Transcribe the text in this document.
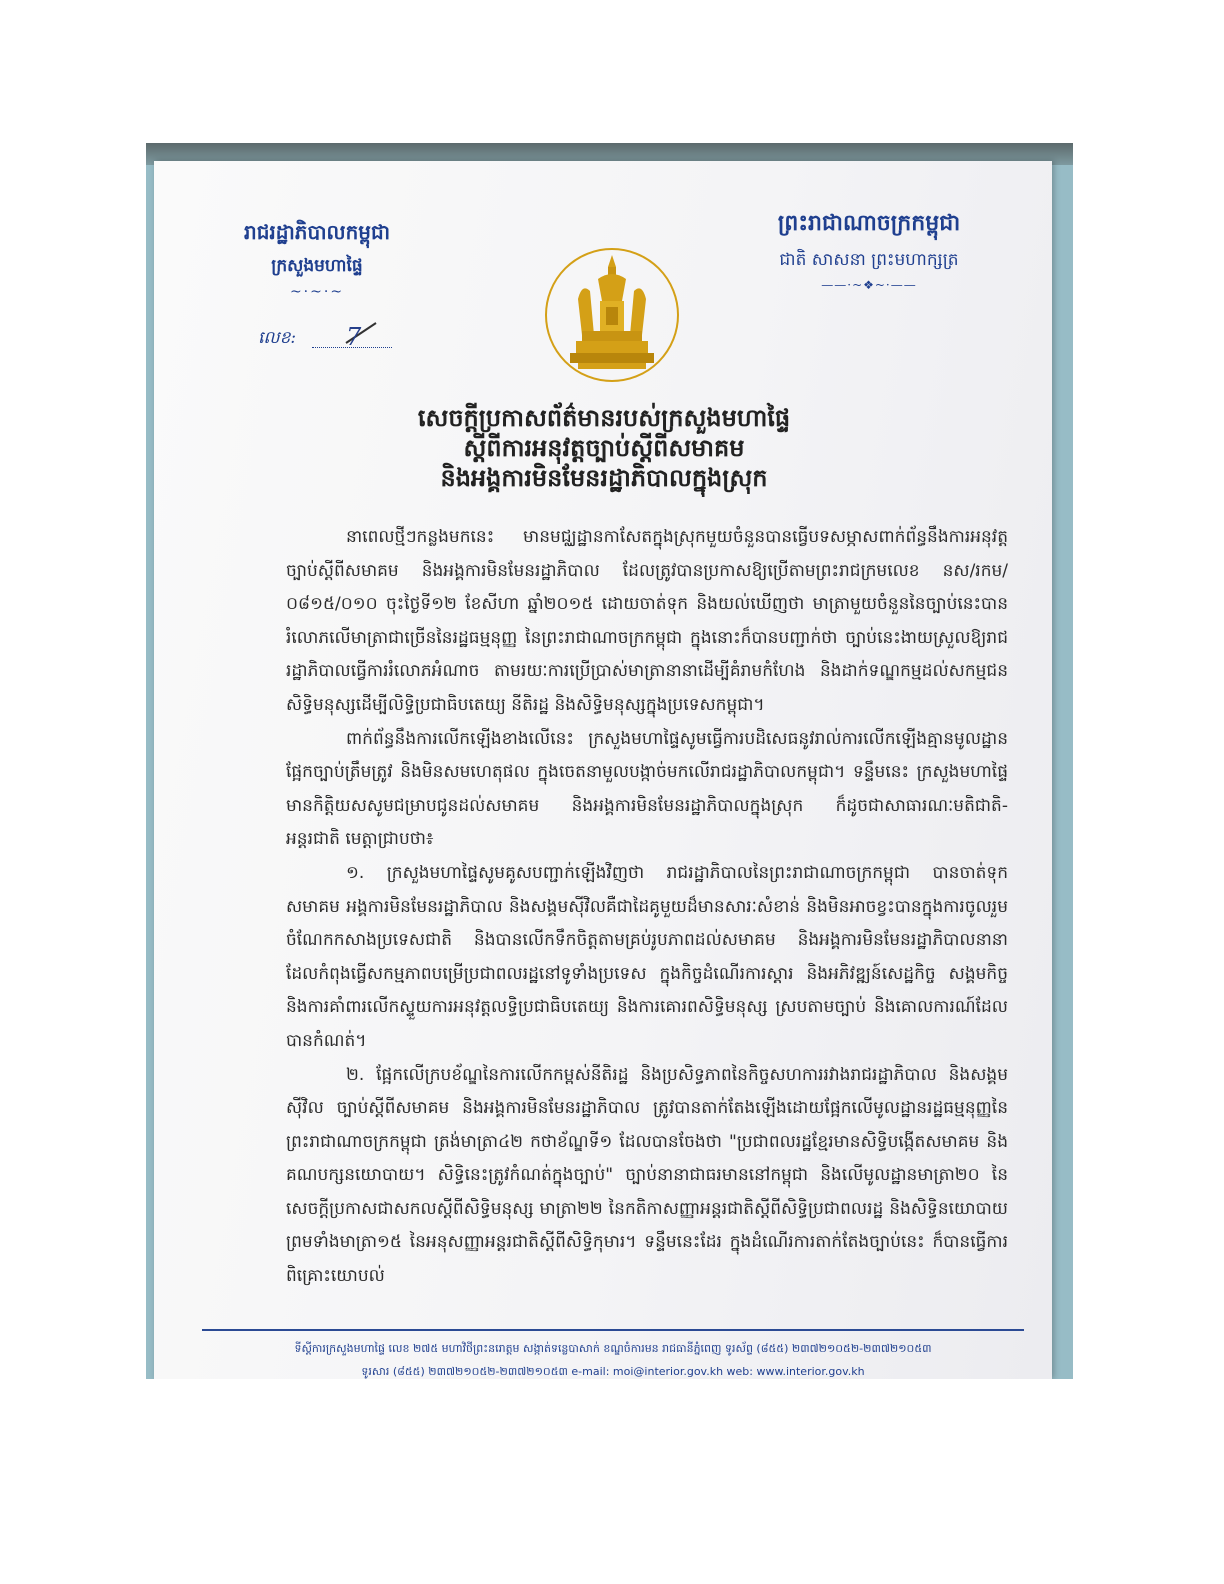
រាជរដ្ឋាភិបាលកម្ពុជា
ក្រសួងមហាផ្ទៃ
~·~·~
លេខ: 7
ព្រះរាជាណាចក្រកម្ពុជា
ជាតិ សាសនា ព្រះមហាក្សត្រ
——·~❖~·——
សេចក្តីប្រកាសព័ត៌មានរបស់ក្រសួងមហាផ្ទៃ
ស្តីពីការអនុវត្តច្បាប់ស្តីពីសមាគម
និងអង្គការមិនមែនរដ្ឋាភិបាលក្នុងស្រុក

នាពេលថ្មីៗកន្លងមកនេះ មានមជ្ឈដ្ឋានកាសែតក្នុងស្រុកមួយចំនួនបានធ្វើបទសម្ភាសពាក់ព័ន្ធនឹងការអនុវត្តច្បាប់ស្តីពីសមាគម និងអង្គការមិនមែនរដ្ឋាភិបាល ដែលត្រូវបានប្រកាសឱ្យប្រើតាមព្រះរាជក្រមលេខ នស/រកម/ ០៨១៥/០១០ ចុះថ្ងៃទី១២ ខែសីហា ឆ្នាំ២០១៥ ដោយចាត់ទុក និងយល់ឃើញថា មាត្រាមួយចំនួននៃច្បាប់នេះបានរំលោភលើមាត្រាជាច្រើននៃរដ្ឋធម្មនុញ្ញ នៃព្រះរាជាណាចក្រកម្ពុជា ក្នុងនោះក៏បានបញ្ជាក់ថា ច្បាប់នេះងាយស្រួលឱ្យរាជរដ្ឋាភិបាលធ្វើការរំលោភអំណាច តាមរយៈការប្រើប្រាស់មាត្រានានាដើម្បីគំរាមកំហែង និងដាក់ទណ្ឌកម្មដល់សកម្មជនសិទ្ធិមនុស្សដើម្បីលិទ្ធិប្រជាធិបតេយ្យ នីតិរដ្ឋ និងសិទ្ធិមនុស្សក្នុងប្រទេសកម្ពុជា។

ពាក់ព័ន្ធនឹងការលើកឡើងខាងលើនេះ ក្រសួងមហាផ្ទៃសូមធ្វើការបដិសេធនូវរាល់ការលើកឡើងគ្មានមូលដ្ឋានផ្អែកច្បាប់ត្រឹមត្រូវ និងមិនសមហេតុផល ក្នុងចេតនាមួលបង្កាច់មកលើរាជរដ្ឋាភិបាលកម្ពុជា។ ទន្ទឹមនេះ ក្រសួងមហាផ្ទៃមានកិត្តិយសសូមជម្រាបជូនដល់សមាគម និងអង្គការមិនមែនរដ្ឋាភិបាលក្នុងស្រុក ក៏ដូចជាសាធារណៈមតិជាតិ-អន្តរជាតិ មេត្តាជ្រាបថា៖

១. ក្រសួងមហាផ្ទៃសូមគូសបញ្ជាក់ឡើងវិញថា រាជរដ្ឋាភិបាលនៃព្រះរាជាណាចក្រកម្ពុជា បានចាត់ទុកសមាគម អង្គការមិនមែនរដ្ឋាភិបាល និងសង្គមស៊ីវិលគឺជាដៃគូមួយដ៏មានសារៈសំខាន់ និងមិនអាចខ្វះបានក្នុងការចូលរួមចំណែកកសាងប្រទេសជាតិ និងបានលើកទឹកចិត្តតាមគ្រប់រូបភាពដល់សមាគម និងអង្គការមិនមែនរដ្ឋាភិបាលនានា ដែលកំពុងធ្វើសកម្មភាពបម្រើប្រជាពលរដ្ឋនៅទូទាំងប្រទេស ក្នុងកិច្ចដំណើរការស្តារ និងអភិវឌ្ឍន៍សេដ្ឋកិច្ច សង្គមកិច្ច និងការគាំពារលើកស្ទួយការអនុវត្តលទ្ធិប្រជាធិបតេយ្យ និងការគោរពសិទ្ធិមនុស្ស ស្របតាមច្បាប់ និងគោលការណ៍ដែលបានកំណត់។

២. ផ្អែកលើក្របខ័ណ្ឌនៃការលើកកម្ពស់នីតិរដ្ឋ និងប្រសិទ្ធភាពនៃកិច្ចសហការរវាងរាជរដ្ឋាភិបាល និងសង្គមស៊ីវិល ច្បាប់ស្តីពីសមាគម និងអង្គការមិនមែនរដ្ឋាភិបាល ត្រូវបានតាក់តែងឡើងដោយផ្អែកលើមូលដ្ឋានរដ្ឋធម្មនុញ្ញនៃព្រះរាជាណាចក្រកម្ពុជា ត្រង់មាត្រា៤២ កថាខ័ណ្ឌទី១ ដែលបានចែងថា "ប្រជាពលរដ្ឋខ្មែរមានសិទ្ធិបង្កើតសមាគម និងគណបក្សនយោបាយ។ សិទ្ធិនេះត្រូវកំណត់ក្នុងច្បាប់" ច្បាប់នានាជាធរមាននៅកម្ពុជា និងលើមូលដ្ឋានមាត្រា២០ នៃសេចក្តីប្រកាសជាសកលស្តីពីសិទ្ធិមនុស្ស មាត្រា២២ នៃកតិកាសញ្ញាអន្តរជាតិស្តីពីសិទ្ធិប្រជាពលរដ្ឋ និងសិទ្ធិនយោបាយ ព្រមទាំងមាត្រា១៥ នៃអនុសញ្ញាអន្តរជាតិស្តីពីសិទ្ធិកុមារ។ ទន្ទឹមនេះដែរ ក្នុងដំណើរការតាក់តែងច្បាប់នេះ ក៏បានធ្វើការពិគ្រោះយោបល់

ទីស្តីការក្រសួងមហាផ្ទៃ លេខ ២៧៥ មហាវិថីព្រះនរោត្តម សង្កាត់ទន្លេបាសាក់ ខណ្ឌចំការមន រាជធានីភ្នំពេញ ទូរស័ព្ទ (៨៥៥) ២៣៧២១០៥២-២៣៧២១០៥៣
ទូរសារ (៨៥៥) ២៣៧២១០៥២-២៣៧២១០៥៣ e-mail: moi@interior.gov.kh web: www.interior.gov.kh
